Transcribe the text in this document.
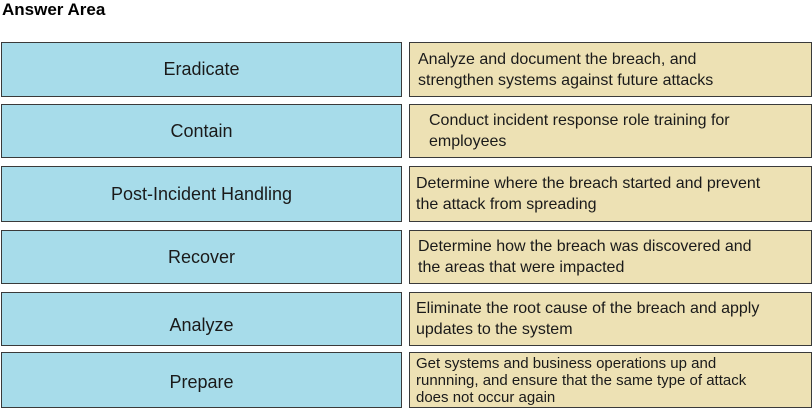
Answer Area
Eradicate
Contain
Post-Incident Handling
Recover
Analyze
Prepare
Analyze and document the breach, and
strengthen systems against future attacks
Conduct incident response role training for
employees
Determine where the breach started and prevent
the attack from spreading
Determine how the breach was discovered and
the areas that were impacted
Eliminate the root cause of the breach and apply
updates to the system
Get systems and business operations up and
runnning, and ensure that the same type of attack
does not occur again
